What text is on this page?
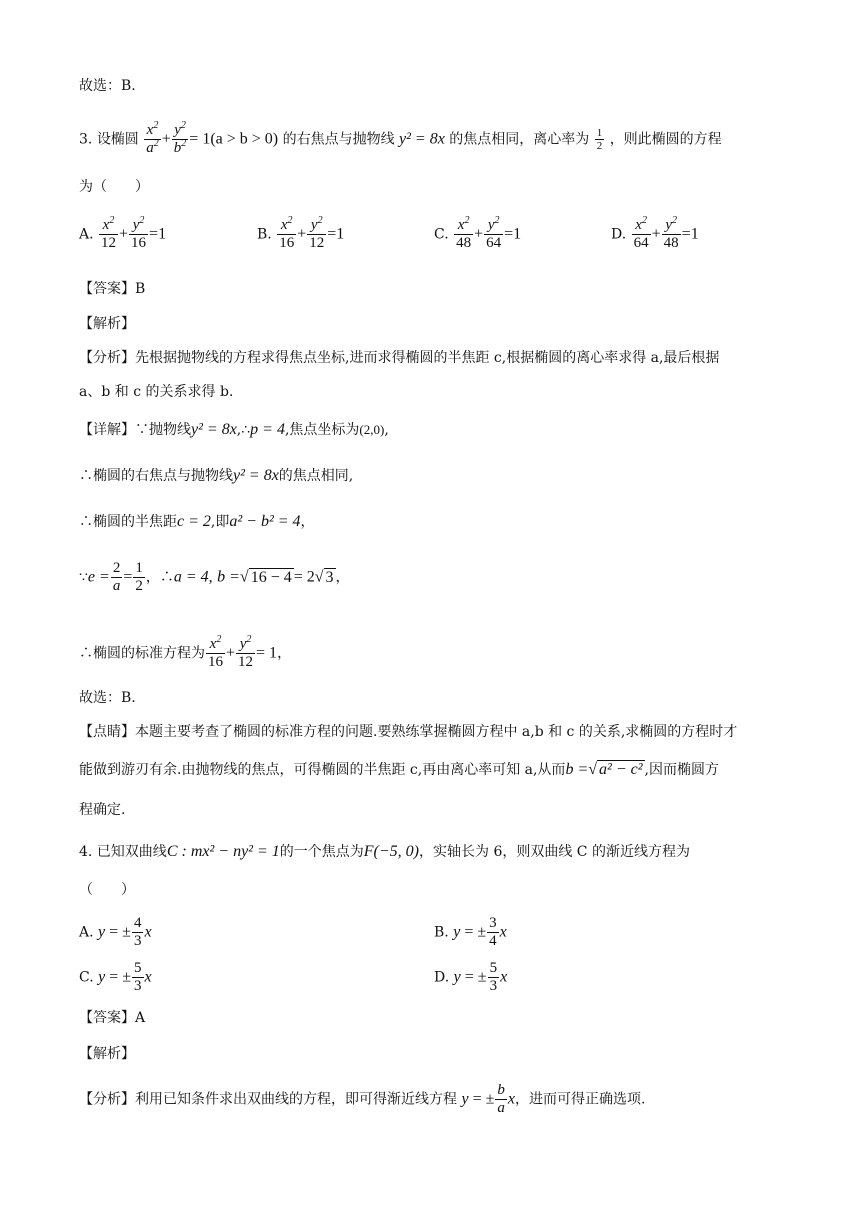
故选：B.
3. 设椭圆 $\frac{x^2}{a^2} + \frac{y^2}{b^2} = 1(a > b > 0)$ 的右焦点与抛物线 y² = 8x 的焦点相同，离心率为 $\frac{1}{2}$ ，则此椭圆的方程
为（　　）
A. $\frac{x^2}{12} + \frac{y^2}{16} =1$	B. $\frac{x^2}{16} + \frac{y^2}{12} =1$	C. $\frac{x^2}{48} + \frac{y^2}{64} =1$	D. $\frac{x^2}{64} + \frac{y^2}{48} =1$
【答案】B
【解析】
【分析】先根据抛物线的方程求得焦点坐标,进而求得椭圆的半焦距 c,根据椭圆的离心率求得 a,最后根据
a、b 和 c 的关系求得 b.
【详解】∵抛物线y² = 8x,∴p = 4,焦点坐标为(2,0),
∴椭圆的右焦点与抛物线y² = 8x的焦点相同,
∴椭圆的半焦距c = 2,即a² − b² = 4，
∵e = $\frac{2}{a} = \frac{1}{2}$ ，∴a = 4, b =√ 16 − 4 = 2√ 3 ，
∴椭圆的标准方程为 $\frac{x^2}{16} + \frac{y^2}{12} = 1$，
故选：B.
【点睛】本题主要考查了椭圆的标准方程的问题.要熟练掌握椭圆方程中 a,b 和 c 的关系,求椭圆的方程时才
能做到游刃有余.由抛物线的焦点，可得椭圆的半焦距 c,再由离心率可知 a,从而b =√ a² − c² ,因而椭圆方
程确定.
4. 已知双曲线C : mx² − ny² = 1的一个焦点为F(−5, 0)，实轴长为 6，则双曲线 C 的渐近线方程为
（　　）
A. y = ± $\frac{4}{3}$ x	B. y = ± $\frac{3}{4}$ x
C. y = ± $\frac{5}{3}$ x	D. y = ± $\frac{5}{3}$ x
【答案】A
【解析】
【分析】利用已知条件求出双曲线的方程，即可得渐近线方程 y = ± $\frac{b}{a}$ x，进而可得正确选项.
